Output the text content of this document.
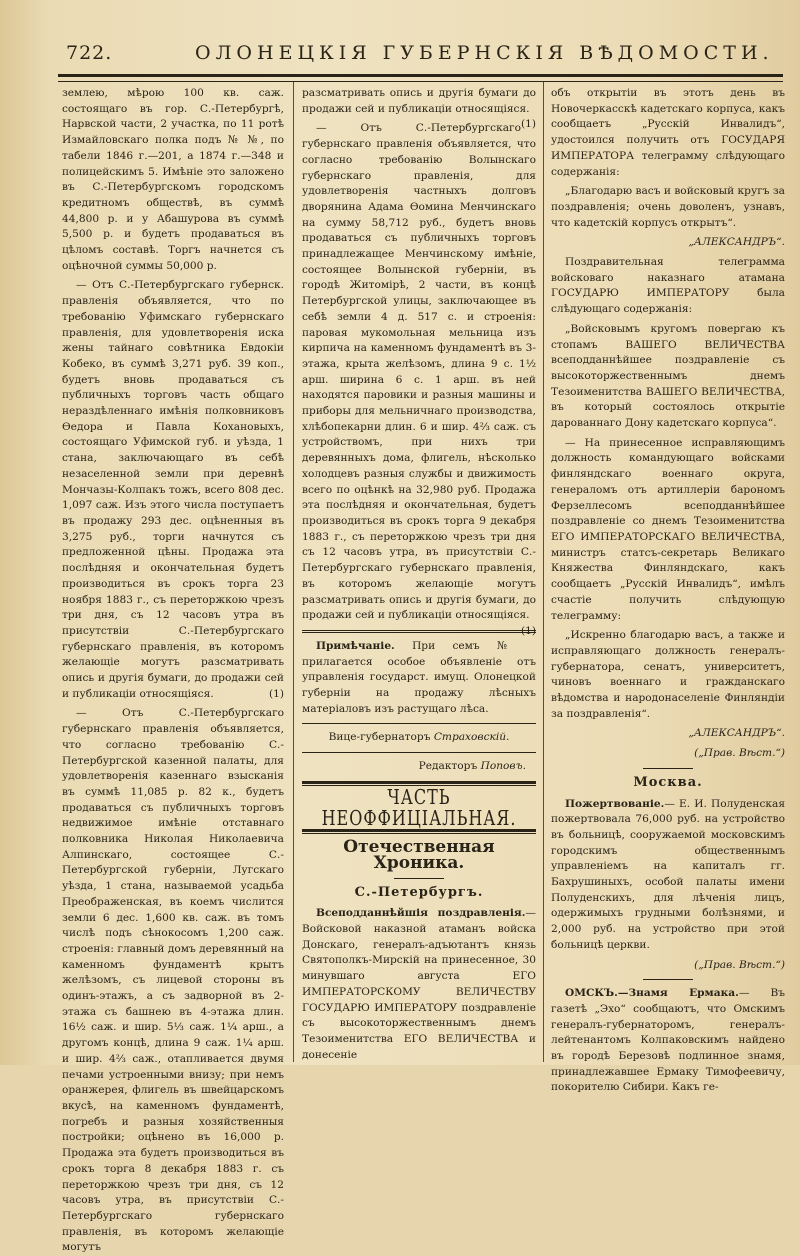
722.	ОЛОНЕЦКІЯ ГУБЕРНСКІЯ ВѢДОМОСТИ.

землею, мѣрою 100 кв. саж. состоящаго въ гор. С.-Петербургѣ, Нарвской части, 2 участка, по 11 ротѣ Измайловскаго полка подъ № №, по табели 1846 г.—201, а 1874 г.—348 и полицейскимъ 5. Имѣніе это заложено въ С.-Петербургскомъ городскомъ кредитномъ обществѣ, въ суммѣ 44,800 р. и у Абашурова въ суммѣ 5,500 р. и будетъ продаваться въ цѣломъ составѣ. Торгъ начнется съ оцѣночной суммы 50,000 р.

— Отъ С.-Петербургскаго губернск. правленія объявляется, что по требованію Уфимскаго губернскаго правленія, для удовлетворенія иска жены тайнаго совѣтника Евдокіи Кобеко, въ суммѣ 3,271 руб. 39 коп., будетъ вновь продаваться съ публичныхъ торговъ часть общаго нераздѣленнаго имѣнія полковниковъ Ѳедора и Павла Кохановыхъ, состоящаго Уфимской губ. и уѣзда, 1 стана, заключающаго въ себѣ незаселенной земли при деревнѣ Мончазы-Колпакъ тожъ, всего 808 дес. 1,097 саж. Изъ этого числа поступаетъ въ продажу 293 дес. оцѣненныя въ 3,275 руб., торги начнутся съ предложенной цѣны. Продажа эта послѣдняя и окончательная будетъ производиться въ срокъ торга 23 ноября 1883 г., съ переторжкою чрезъ три дня, съ 12 часовъ утра въ присутствіи С.-Петербургскаго губернскаго правленія, въ которомъ желающіе могутъ разсматривать опись и другія бумаги, до продажи сей и публикаціи относящіяся.	(1)

— Отъ С.-Петербургскаго губернскаго правленія объявляется, что согласно требованію С.-Петербургской казенной палаты, для удовлетворенія казеннаго взысканія въ суммѣ 11,085 р. 82 к., будетъ продаваться съ публичныхъ торговъ недвижимое имѣніе отставнаго полковника Николая Николаевича Алпинскаго, состоящее С.-Петербургской губерніи, Лугскаго уѣзда, 1 стана, называемой усадьба Преображенская, въ коемъ числится земли 6 дес. 1,600 кв. саж. въ томъ числѣ подъ сѣнокосомъ 1,200 саж. строенія: главный домъ деревянный на каменномъ фундаментѣ крытъ желѣзомъ, съ лицевой стороны въ одинъ-этажъ, а съ задворной въ 2-этажа съ башнею въ 4-этажа длин. 16½ саж. и шир. 5⅓ саж. 1¼ арш., а другомъ концѣ, длина 9 саж. 1¼ арш. и шир. 4⅔ саж., отапливается двумя печами устроенными внизу; при немъ оранжерея, флигель въ швейцарскомъ вкусѣ, на каменномъ фундаментѣ, погребъ и разныя хозяйственныя постройки; оцѣнено въ 16,000 р. Продажа эта будетъ производиться въ срокъ торга 8 декабря 1883 г. съ переторжкою чрезъ три дня, съ 12 часовъ утра, въ присутствіи С.-Петербургскаго губернскаго правленія, въ которомъ желающіе могутъ

разсматривать опись и другія бумаги до продажи сей и публикаціи относящіяся.
(1)

— Отъ С.-Петербургскаго губернскаго правленія объявляется, что согласно требованію Волынскаго губернскаго правленія, для удовлетворенія частныхъ долговъ дворянина Адама Ѳомина Менчинскаго на сумму 58,712 руб., будетъ вновь продаваться съ публичныхъ торговъ принадлежащее Менчинскому имѣніе, состоящее Волынской губерніи, въ городѣ Житомірѣ, 2 части, въ концѣ Петербургской улицы, заключающее въ себѣ земли 4 д. 517 с. и строенія: паровая мукомольная мельница изъ кирпича на каменномъ фундаментѣ въ 3-этажа, крыта желѣзомъ, длина 9 с. 1½ арш. ширина 6 с. 1 арш. въ ней находятся паровики и разныя машины и приборы для мельничнаго производства, хлѣбопекарни длин. 6 и шир. 4⅔ саж. съ устройствомъ, при нихъ три деревянныхъ дома, флигель, нѣсколько холодцевъ разныя службы и движимость всего по оцѣнкѣ на 32,980 руб. Продажа эта послѣдняя и окончательная, будетъ производиться въ срокъ торга 9 декабря 1883 г., съ переторжкою чрезъ три дня съ 12 часовъ утра, въ присутствіи С.-Петербургскаго губернскаго правленія, въ которомъ желающіе могутъ разсматривать опись и другія бумаги, до продажи сей и публикаціи относящіяся.
(1)

Примѣчаніе. При семъ № прилагается особое объявленіе отъ управленія государст. имущ. Олонецкой губерніи на продажу лѣсныхъ матеріаловъ изъ растущаго лѣса.

Вице-губернаторъ Страховскій.

Редакторъ Поповъ.
ЧАСТЬ НЕОФФИЦІАЛЬНАЯ.
Отечественная Хроника.
С.-Петербургъ.

Всеподданнѣйшія поздравленія.—Войсковой наказной атаманъ войска Донскаго, генералъ-адъютантъ князь Святополкъ-Мирскій на принесенное, 30 минувшаго августа ЕГО ИМПЕРАТОРСКОМУ ВЕЛИЧЕСТВУ ГОСУДАРЮ ИМПЕРАТОРУ поздравленіе съ высокоторжественнымъ днемъ Тезоименитства ЕГО ВЕЛИЧЕСТВА и донесеніе

объ открытіи въ этотъ день въ Новочеркасскѣ кадетскаго корпуса, какъ сообщаетъ „Русскій Инвалидъ“, удостоился получить отъ ГОСУДАРЯ ИМПЕРАТОРА телеграмму слѣдующаго содержанія:

„Благодарю васъ и войсковый кругъ за поздравленія; очень доволенъ, узнавъ, что кадетскій корпусъ открытъ“.

„АЛЕКСАНДРЪ“.

Поздравительная телеграмма войсковаго наказнаго атамана ГОСУДАРЮ ИМПЕРАТОРУ была слѣдующаго содержанія:

„Войсковымъ кругомъ повергаю къ стопамъ ВАШЕГО ВЕЛИЧЕСТВА всеподданнѣйшее поздравленіе съ высокоторжественнымъ днемъ Тезоименитства ВАШЕГО ВЕЛИЧЕСТВА, въ который состоялось открытіе дарованнаго Дону кадетскаго корпуса“.

— На принесенное исправляющимъ должность командующаго войсками финляндскаго военнаго округа, генераломъ отъ артиллеріи барономъ Ферзеллесомъ всеподданнѣйшее поздравленіе со днемъ Тезоименитства ЕГО ИМПЕРАТОРСКАГО ВЕЛИЧЕСТВА, министръ статсъ-секретарь Великаго Княжества Финляндскаго, какъ сообщаетъ „Русскій Инвалидъ“, имѣлъ счастіе получить слѣдующую телеграмму:

„Искренно благодарю васъ, а также и исправляющаго должность генералъ-губернатора, сенатъ, университетъ, чиновъ военнаго и гражданскаго вѣдомства и народонаселеніе Финляндіи за поздравленія“.

„АЛЕКСАНДРЪ“.

(„Прав. Вѣст.“)

Москва.

Пожертвованіе.— Е. И. Полуденская пожертвовала 76,000 руб. на устройство въ больницѣ, сооружаемой московскимъ городскимъ общественнымъ управленіемъ на капиталъ гг. Бахрушиныхъ, особой палаты имени Полуденскихъ, для лѣченія лицъ, одержимыхъ грудными болѣзнями, и 2,000 руб. на устройство при этой больницѣ церкви.

(„Прав. Вѣст.“)

ОМСКЪ.—Знамя Ермака.— Въ газетѣ „Эхо“ сообщаютъ, что Омскимъ генералъ-губернаторомъ, генералъ-лейтенантомъ Колпаковскимъ найдено въ городѣ Березовѣ подлинное знамя, принадлежавшее Ермаку Тимофеевичу, покорителю Сибири. Какъ ге-
